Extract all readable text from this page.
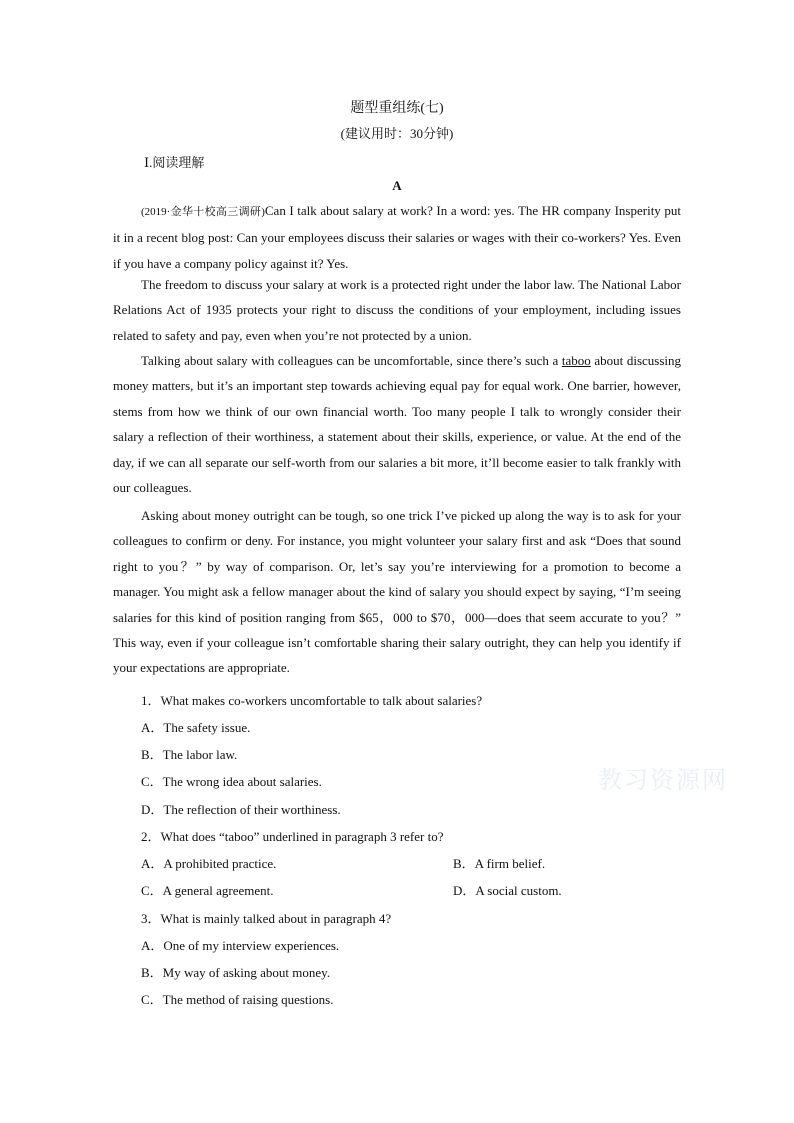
题型重组练(七)
(建议用时：30分钟)
Ⅰ.阅读理解
A

(2019·金华十校高三调研)Can I talk about salary at work? In a word: yes. The HR company Insperity put it in a recent blog post: Can your employees discuss their salaries or wages with their co-workers? Yes. Even if you have a company policy against it? Yes.

The freedom to discuss your salary at work is a protected right under the labor law. The National Labor Relations Act of 1935 protects your right to discuss the conditions of your employment, including issues related to safety and pay, even when you’re not protected by a union.

Talking about salary with colleagues can be uncomfortable, since there’s such a taboo about discussing money matters, but it’s an important step towards achieving equal pay for equal work. One barrier, however, stems from how we think of our own financial worth. Too many people I talk to wrongly consider their salary a reflection of their worthiness, a statement about their skills, experience, or value. At the end of the day, if we can all separate our self-worth from our salaries a bit more, it’ll become easier to talk frankly with our colleagues.

Asking about money outright can be tough, so one trick I’ve picked up along the way is to ask for your colleagues to confirm or deny. For instance, you might volunteer your salary first and ask “Does that sound right to you？” by way of comparison. Or, let’s say you’re interviewing for a promotion to become a manager. You might ask a fellow manager about the kind of salary you should expect by saying, “I’m seeing salaries for this kind of position ranging from $65，000 to $70，000—does that seem accurate to you？” This way, even if your colleague isn’t comfortable sharing their salary outright, they can help you identify if your expectations are appropriate.

1．What makes co-workers uncomfortable to talk about salaries?
A．The safety issue.
B．The labor law.
C．The wrong idea about salaries.
D．The reflection of their worthiness.
2．What does “taboo” underlined in paragraph 3 refer to?
A．A prohibited practice.	B．A firm belief.
C．A general agreement.	D．A social custom.
3．What is mainly talked about in paragraph 4?
A．One of my interview experiences.
B．My way of asking about money.
C．The method of raising questions.
教习资源网
